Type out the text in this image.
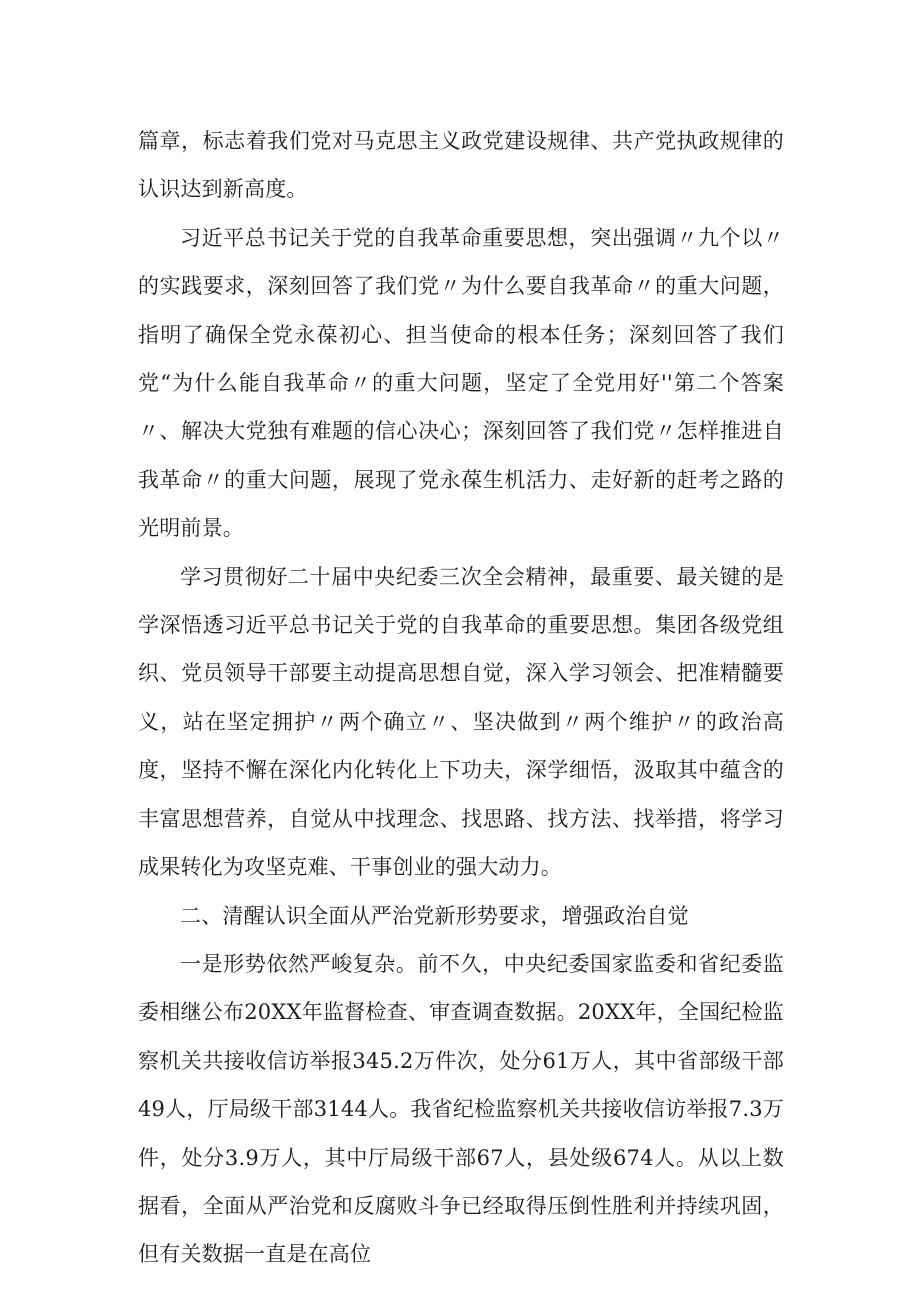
篇章，标志着我们党对马克思主义政党建设规律、共产党执政规律的认识达到新高度。

习近平总书记关于党的自我革命重要思想，突出强调〃九个以〃的实践要求，深刻回答了我们党〃为什么要自我革命〃的重大问题，指明了确保全党永葆初心、担当使命的根本任务；深刻回答了我们党“为什么能自我革命〃的重大问题，坚定了全党用好''第二个答案〃、解决大党独有难题的信心决心；深刻回答了我们党〃怎样推进自我革命〃的重大问题，展现了党永葆生机活力、走好新的赶考之路的光明前景。

学习贯彻好二十届中央纪委三次全会精神，最重要、最关键的是学深悟透习近平总书记关于党的自我革命的重要思想。集团各级党组织、党员领导干部要主动提高思想自觉，深入学习领会、把准精髓要义，站在坚定拥护〃两个确立〃、坚决做到〃两个维护〃的政治高度，坚持不懈在深化内化转化上下功夫，深学细悟，汲取其中蕴含的丰富思想营养，自觉从中找理念、找思路、找方法、找举措，将学习成果转化为攻坚克难、干事创业的强大动力。

二、清醒认识全面从严治党新形势要求，增强政治自觉

一是形势依然严峻复杂。前不久，中央纪委国家监委和省纪委监委相继公布20XX年监督检查、审查调查数据。20XX年，全国纪检监察机关共接收信访举报345.2万件次，处分61万人，其中省部级干部49人，厅局级干部3144人。我省纪检监察机关共接收信访举报7.3万件，处分3.9万人，其中厅局级干部67人，县处级674人。从以上数据看，全面从严治党和反腐败斗争已经取得压倒性胜利并持续巩固，但有关数据一直是在高位
